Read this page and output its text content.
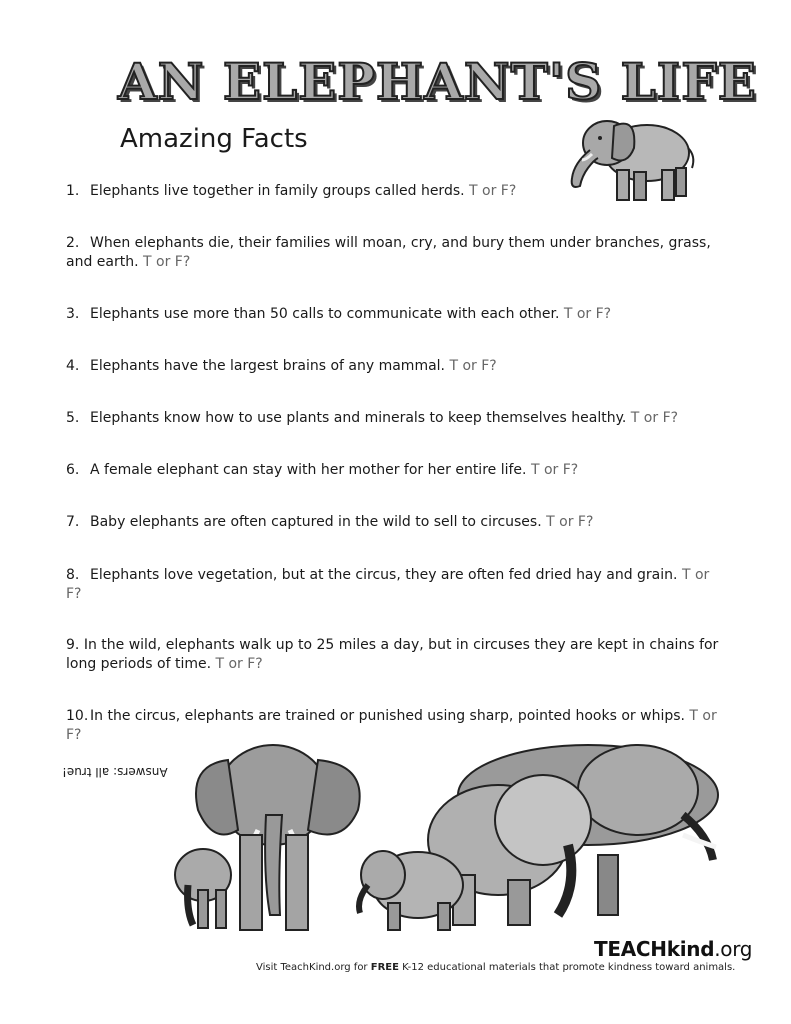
AN ELEPHANT'S LIFE
Amazing Facts
1. Elephants live together in family groups called herds. T or F?
2. When elephants die, their families will moan, cry, and bury them under branches, grass, and earth. T or F?
3. Elephants use more than 50 calls to communicate with each other. T or F?
4. Elephants have the largest brains of any mammal. T or F?
5. Elephants know how to use plants and minerals to keep themselves healthy. T or F?
6. A female elephant can stay with her mother for her entire life. T or F?
7. Baby elephants are often captured in the wild to sell to circuses. T or F?
8. Elephants love vegetation, but at the circus, they are often fed dried hay and grain. T or F?
9. In the wild, elephants walk up to 25 miles a day, but in circuses they are kept in chains for long periods of time. T or F?
10. In the circus, elephants are trained or punished using sharp, pointed hooks or whips. T or F?
Answers: all true!
TEACHkind.org
Visit TeachKind.org for FREE K-12 educational materials that promote kindness toward animals.
